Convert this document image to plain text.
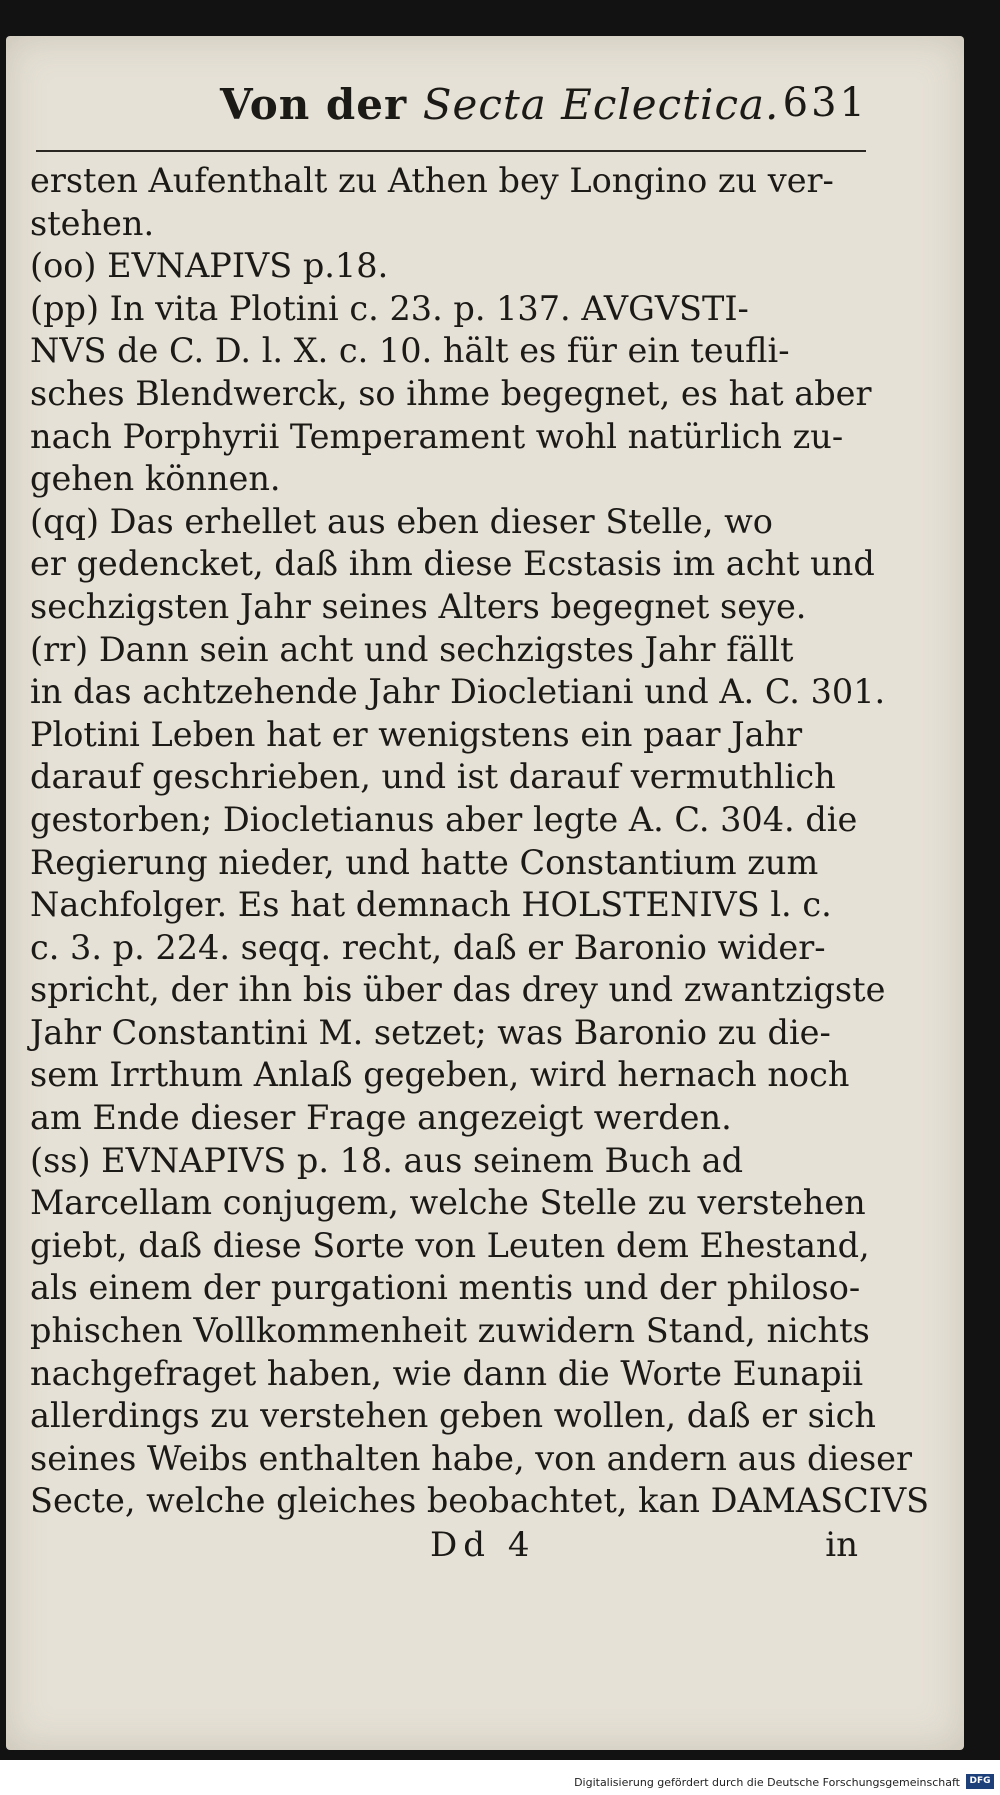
Von der Secta Eclectica. 631
ersten Aufenthalt zu Athen bey Longino zu ver-
stehen.
(oo) EVNAPIVS p.18.
(pp) In vita Plotini c. 23. p. 137. AVGVSTI-
NVS de C. D. l. X. c. 10. hält es für ein teufli-
sches Blendwerck, so ihme begegnet, es hat aber
nach Porphyrii Temperament wohl natürlich zu-
gehen können.
(qq) Das erhellet aus eben dieser Stelle, wo
er gedencket, daß ihm diese Ecstasis im acht und
sechzigsten Jahr seines Alters begegnet seye.
(rr) Dann sein acht und sechzigstes Jahr fällt
in das achtzehende Jahr Diocletiani und A. C. 301.
Plotini Leben hat er wenigstens ein paar Jahr
darauf geschrieben, und ist darauf vermuthlich
gestorben; Diocletianus aber legte A. C. 304. die
Regierung nieder, und hatte Constantium zum
Nachfolger. Es hat demnach HOLSTENIVS l. c.
c. 3. p. 224. seqq. recht, daß er Baronio wider-
spricht, der ihn bis über das drey und zwantzigste
Jahr Constantini M. setzet; was Baronio zu die-
sem Irrthum Anlaß gegeben, wird hernach noch
am Ende dieser Frage angezeigt werden.
(ss) EVNAPIVS p. 18. aus seinem Buch ad
Marcellam conjugem, welche Stelle zu verstehen
giebt, daß diese Sorte von Leuten dem Ehestand,
als einem der purgationi mentis und der philoso-
phischen Vollkommenheit zuwidern Stand, nichts
nachgefraget haben, wie dann die Worte Eunapii
allerdings zu verstehen geben wollen, daß er sich
seines Weibs enthalten habe, von andern aus dieser
Secte, welche gleiches beobachtet, kan DAMASCIVS
Dd 4	in
Digitalisierung gefördert durch die Deutsche Forschungsgemeinschaft	DFG
